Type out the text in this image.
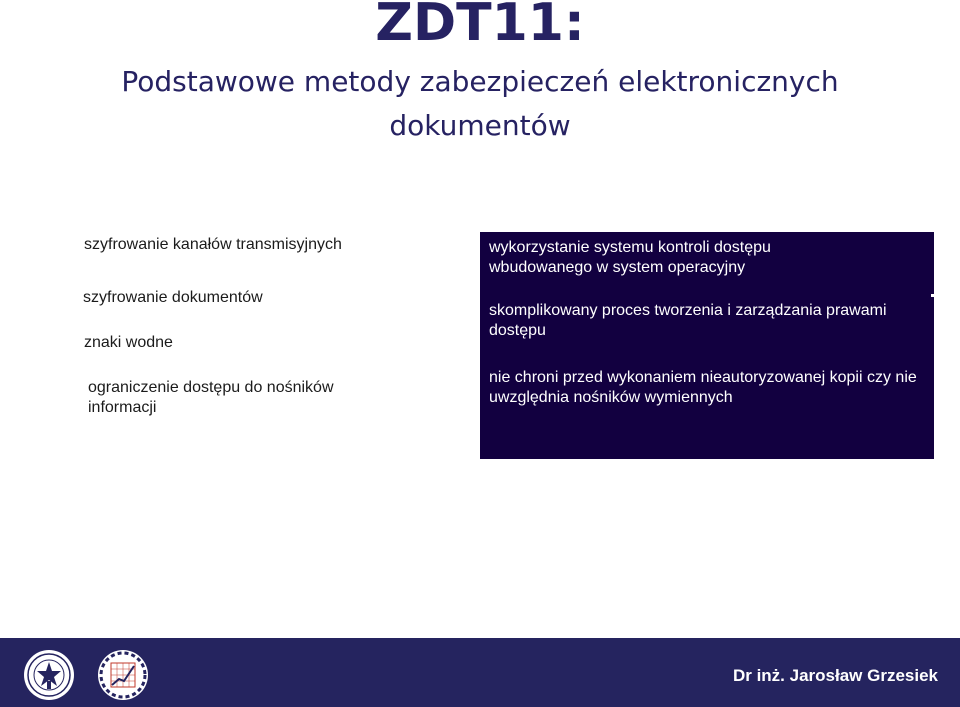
ZDT11:
Podstawowe metody zabezpieczeń elektronicznych
dokumentów
szyfrowanie kanałów transmisyjnych
szyfrowanie dokumentów
znaki wodne
ograniczenie dostępu do nośników informacji
wykorzystanie systemu kontroli dostępu wbudowanego w system operacyjny
skomplikowany proces tworzenia i zarządzania prawami dostępu
nie chroni przed wykonaniem nieautoryzowanej kopii czy nie uwzględnia nośników wymiennych
Dr inż. Jarosław Grzesiek
